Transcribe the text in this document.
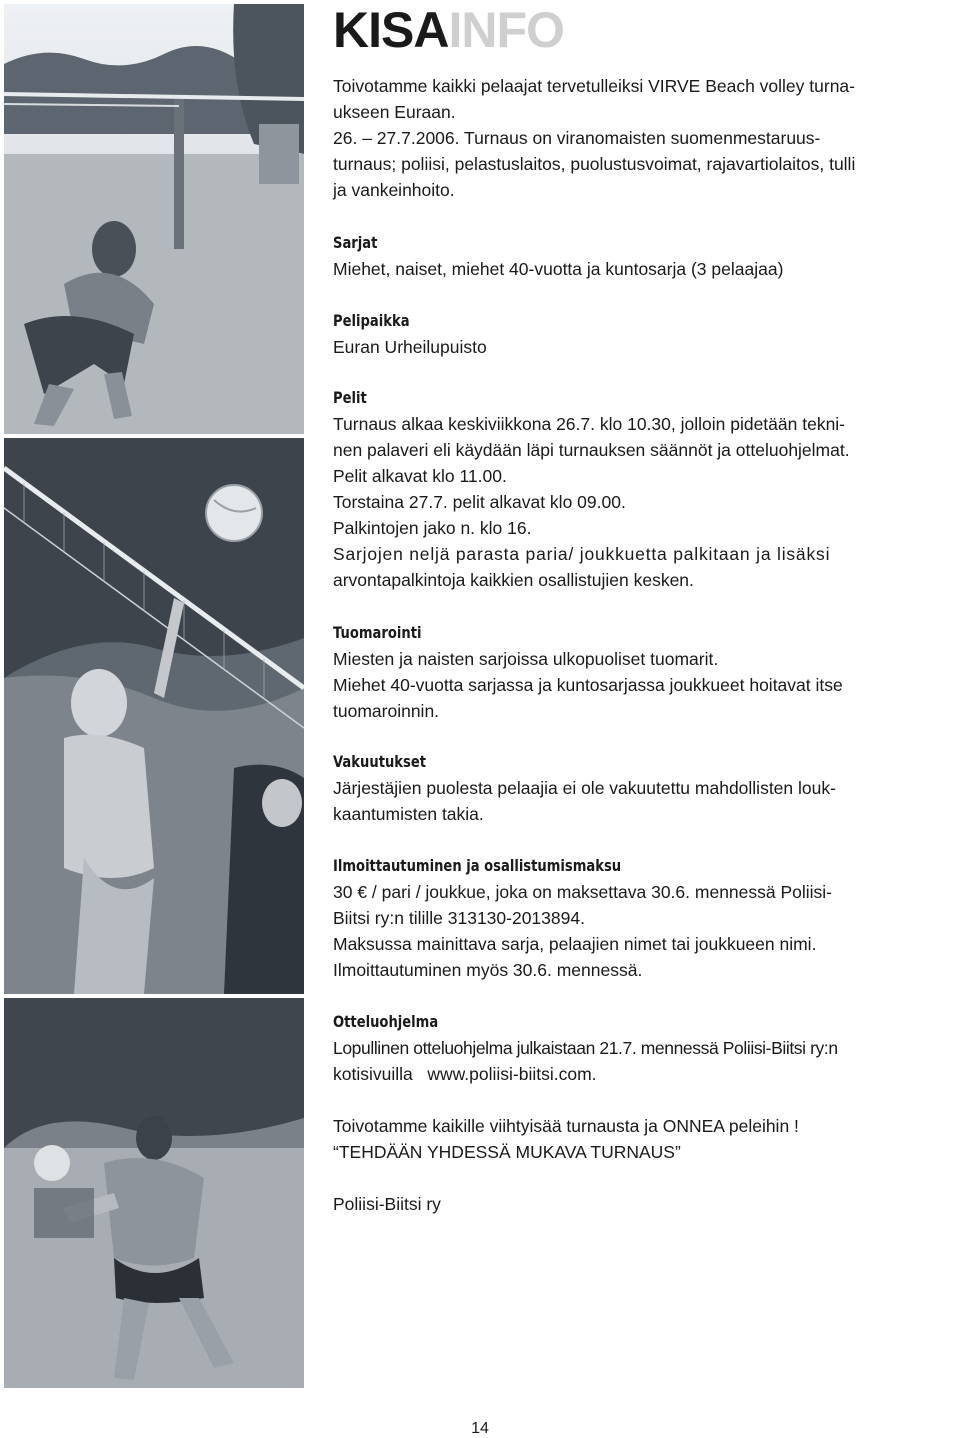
KISAINFO

Toivotamme kaikki pelaajat tervetulleiksi VIRVE Beach volley turna-

ukseen Euraan.

26. – 27.7.2006. Turnaus on viranomaisten suomenmestaruus-

turnaus; poliisi, pelastuslaitos, puolustusvoimat, rajavartiolaitos, tulli

ja vankeinhoito.

Sarjat

Miehet, naiset, miehet 40-vuotta ja kuntosarja (3 pelaajaa)

Pelipaikka

Euran Urheilupuisto

Pelit

Turnaus alkaa keskiviikkona 26.7. klo 10.30, jolloin pidetään tekni-

nen palaveri eli käydään läpi turnauksen säännöt ja otteluohjelmat.

Pelit alkavat klo 11.00.

Torstaina 27.7. pelit alkavat klo 09.00.

Palkintojen jako n. klo 16.

Sarjojen neljä parasta paria/ joukkuetta palkitaan ja lisäksi

arvontapalkintoja kaikkien osallistujien kesken.

Tuomarointi

Miesten ja naisten sarjoissa ulkopuoliset tuomarit.

Miehet 40-vuotta sarjassa ja kuntosarjassa joukkueet hoitavat itse

tuomaroinnin.

Vakuutukset

Järjestäjien puolesta pelaajia ei ole vakuutettu mahdollisten louk-

kaantumisten takia.

Ilmoittautuminen ja osallistumismaksu

30 € / pari / joukkue, joka on maksettava 30.6. mennessä Poliisi-

Biitsi ry:n tilille 313130-2013894.

Maksussa mainittava sarja, pelaajien nimet tai joukkueen nimi.

Ilmoittautuminen myös 30.6. mennessä.

Otteluohjelma

Lopullinen otteluohjelma julkaistaan 21.7. mennessä Poliisi-Biitsi ry:n

kotisivuilla   www.poliisi-biitsi.com.

Toivotamme kaikille viihtyisää turnausta ja ONNEA peleihin !

“TEHDÄÄN YHDESSÄ MUKAVA TURNAUS”

Poliisi-Biitsi ry

14
